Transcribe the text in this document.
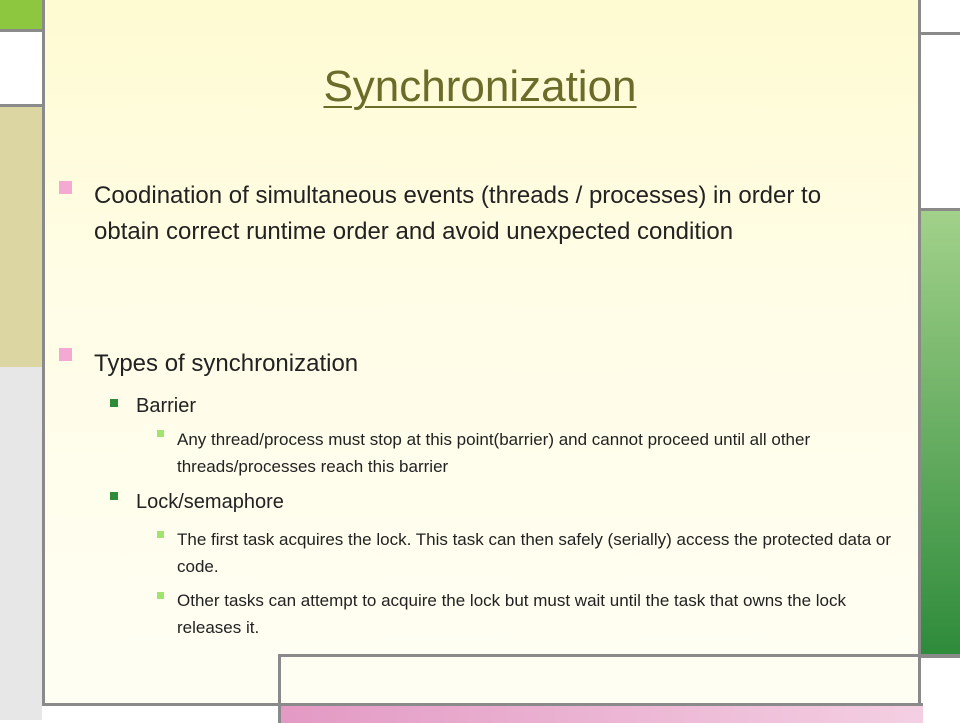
Synchronization
Coodination of simultaneous events (threads / processes) in order to obtain correct runtime order and avoid unexpected condition
Types of synchronization
Barrier
Any thread/process must stop at this point(barrier) and cannot proceed until all other threads/processes reach this barrier
Lock/semaphore
The first task acquires the lock. This task can then safely (serially) access the protected data or code.
Other tasks can attempt to acquire the lock but must wait until the task that owns the lock releases it.
